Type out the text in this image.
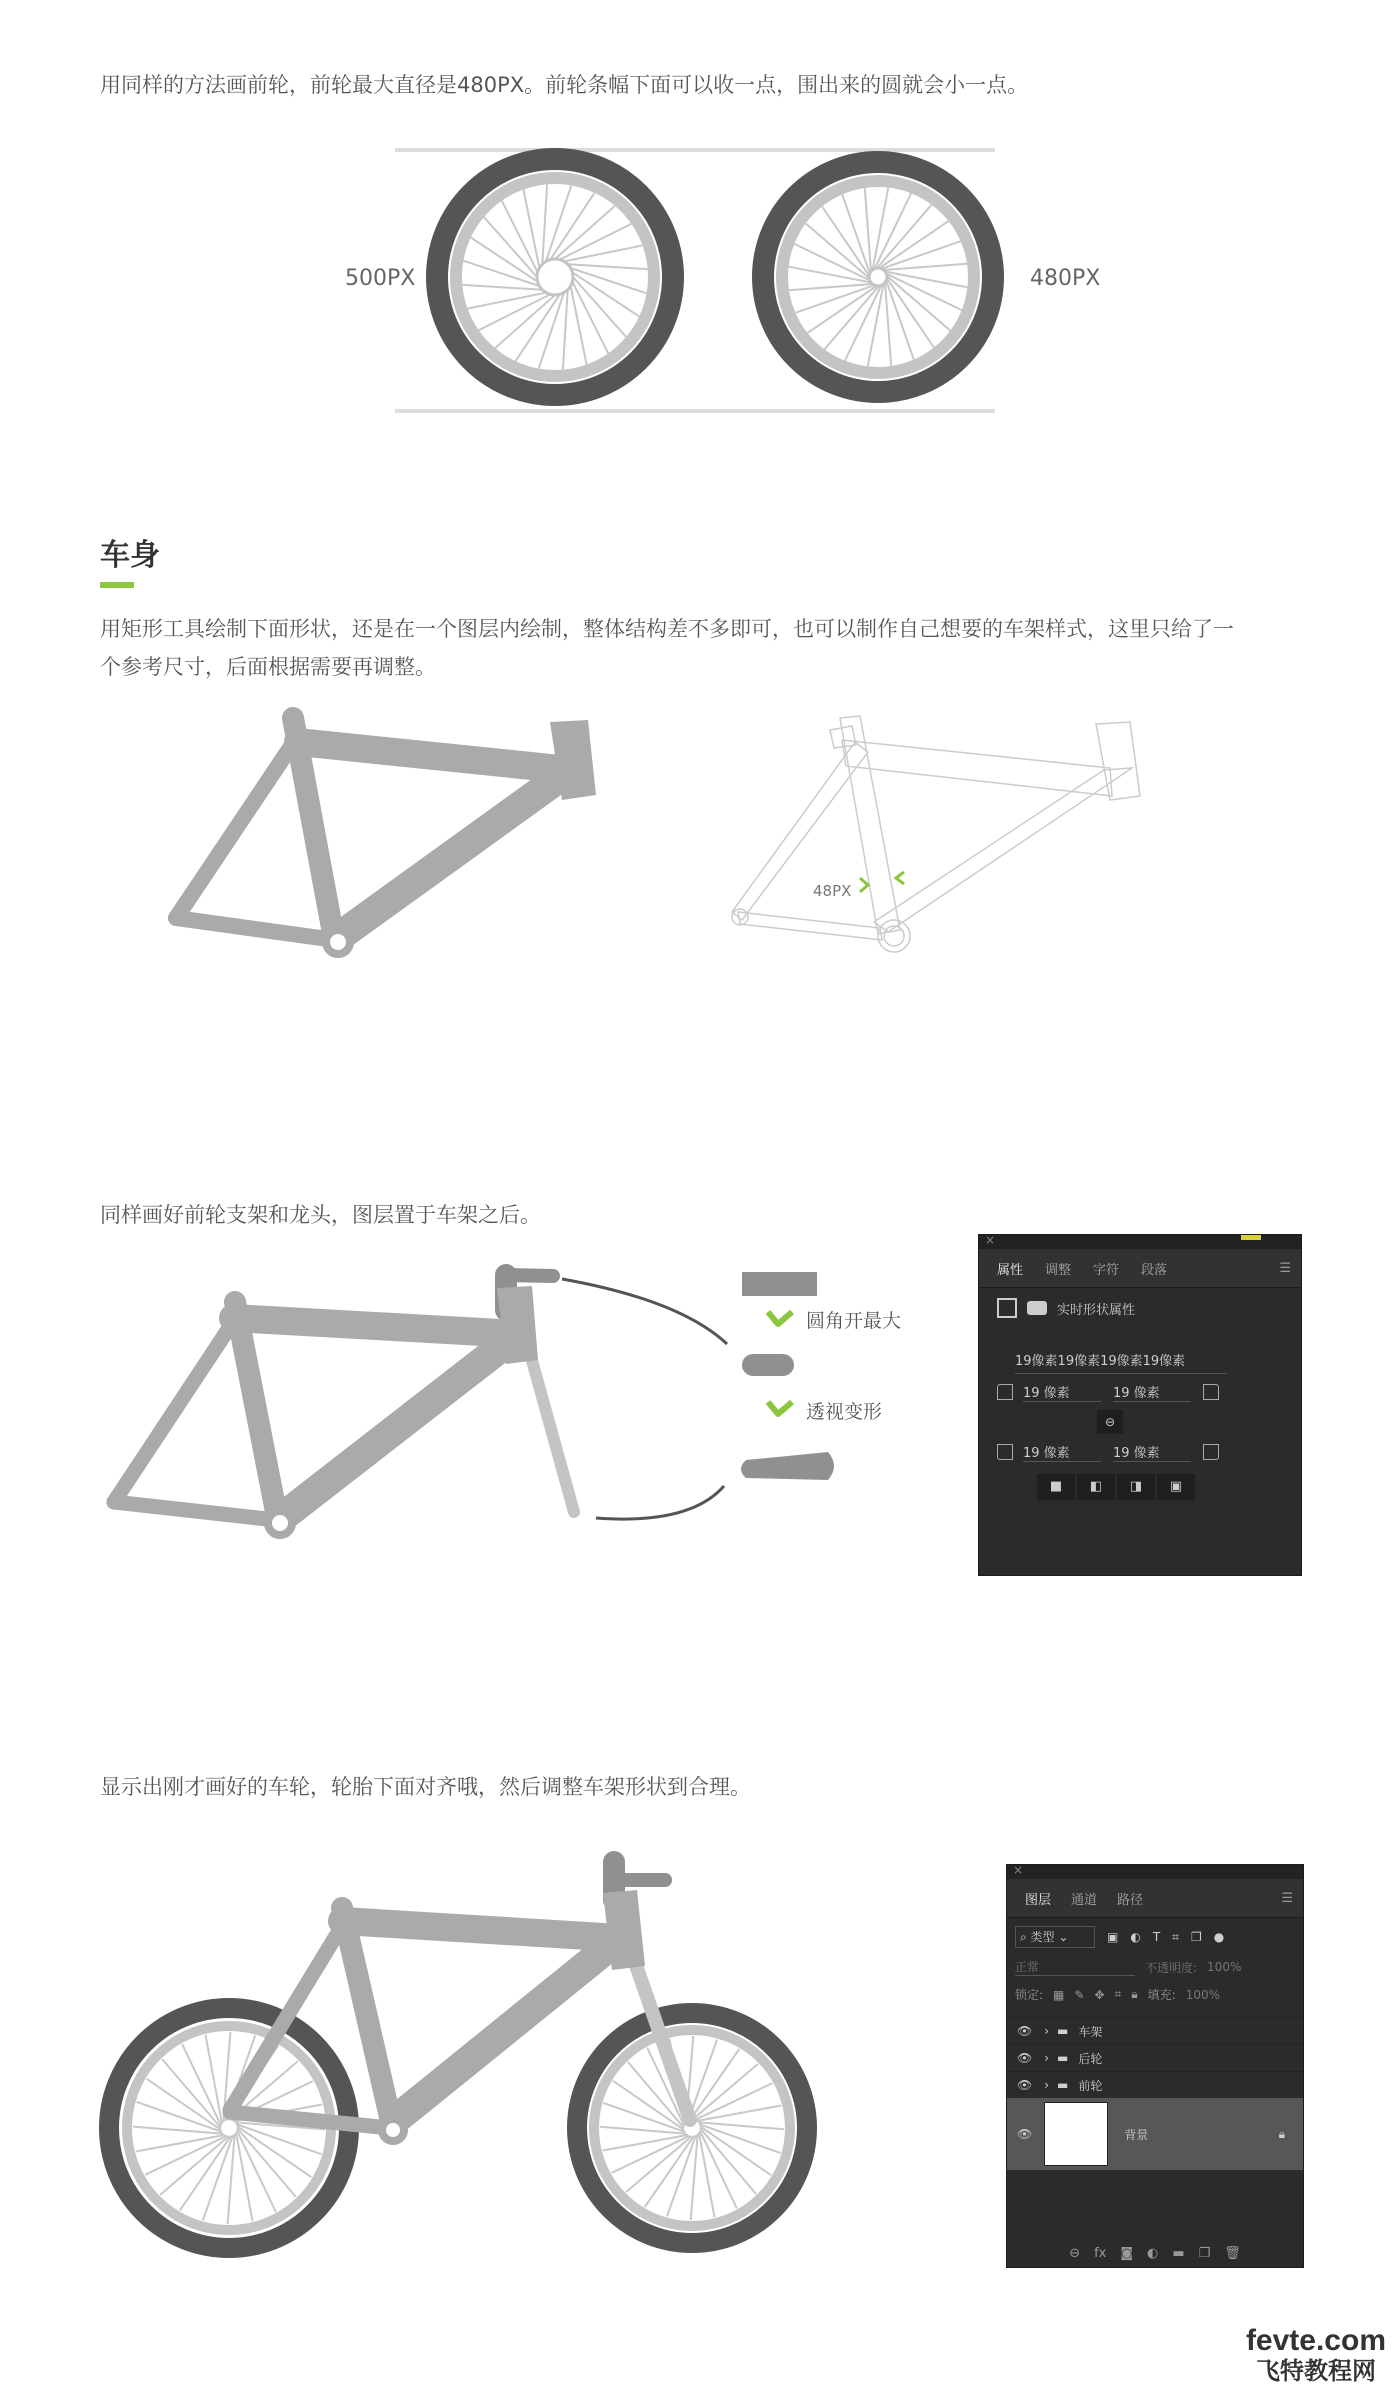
用同样的方法画前轮，前轮最大直径是480PX。前轮条幅下面可以收一点，围出来的圆就会小一点。

车身

用矩形工具绘制下面形状，还是在一个图层内绘制，整体结构差不多即可，也可以制作自己想要的车架样式，这里只给了一个参考尺寸，后面根据需要再调整。

同样画好前轮支架和龙头，图层置于车架之后。

显示出刚才画好的车轮，轮胎下面对齐哦，然后调整车架形状到合理。

500PX	480PX
48PX
圆角开最大
透视变形
×
属性 调整 字符 段落	☰
实时形状属性
19像素19像素19像素19像素
19 像素	19 像素
⊖
19 像素	19 像素
■	◧	◨	▣
×
图层 通道 路径	☰
⌕ 类型 ⌄	▣ ◐ T ⌗ ❐ ●
正常	不透明度: 100%
锁定: ▦ ✎ ✥ ⌗ 🔒︎ 填充: 100%
👁︎ › ▬ 车架
👁︎ › ▬ 后轮
👁︎ › ▬ 前轮
👁︎	背景	🔒︎
⊖ fx ◙ ◐ ▬ ❐ 🗑︎
fevte.com
飞特教程网
